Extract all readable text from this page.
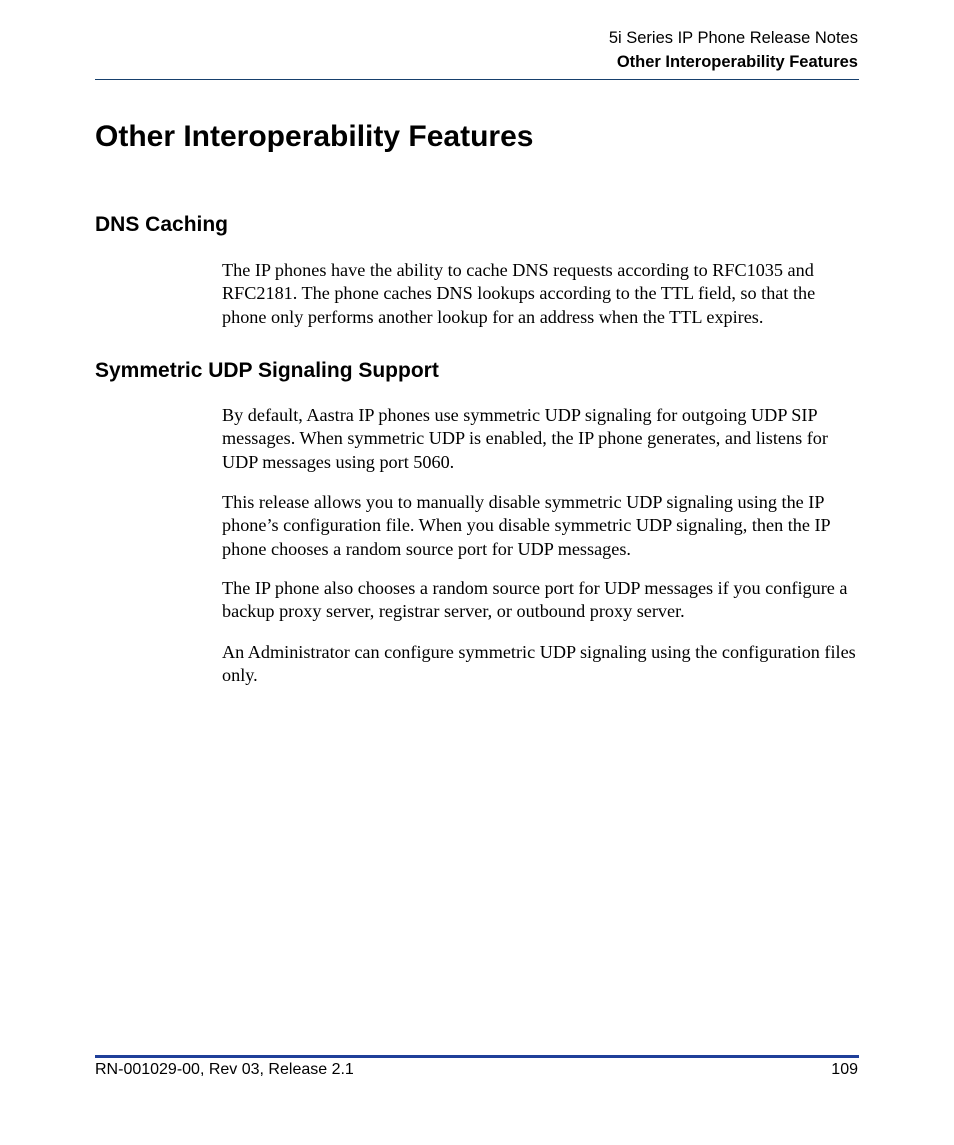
5i Series IP Phone Release Notes
Other Interoperability Features
Other Interoperability Features
DNS Caching

The IP phones have the ability to cache DNS requests according to RFC1035 and RFC2181. The phone caches DNS lookups according to the TTL field, so that the phone only performs another lookup for an address when the TTL expires.

Symmetric UDP Signaling Support

By default, Aastra IP phones use symmetric UDP signaling for outgoing UDP SIP messages. When symmetric UDP is enabled, the IP phone generates, and listens for UDP messages using port 5060.

This release allows you to manually disable symmetric UDP signaling using the IP phone’s configuration file. When you disable symmetric UDP signaling, then the IP phone chooses a random source port for UDP messages.

The IP phone also chooses a random source port for UDP messages if you configure a backup proxy server, registrar server, or outbound proxy server.

An Administrator can configure symmetric UDP signaling using the configuration files only.

RN-001029-00, Rev 03, Release 2.1	109
